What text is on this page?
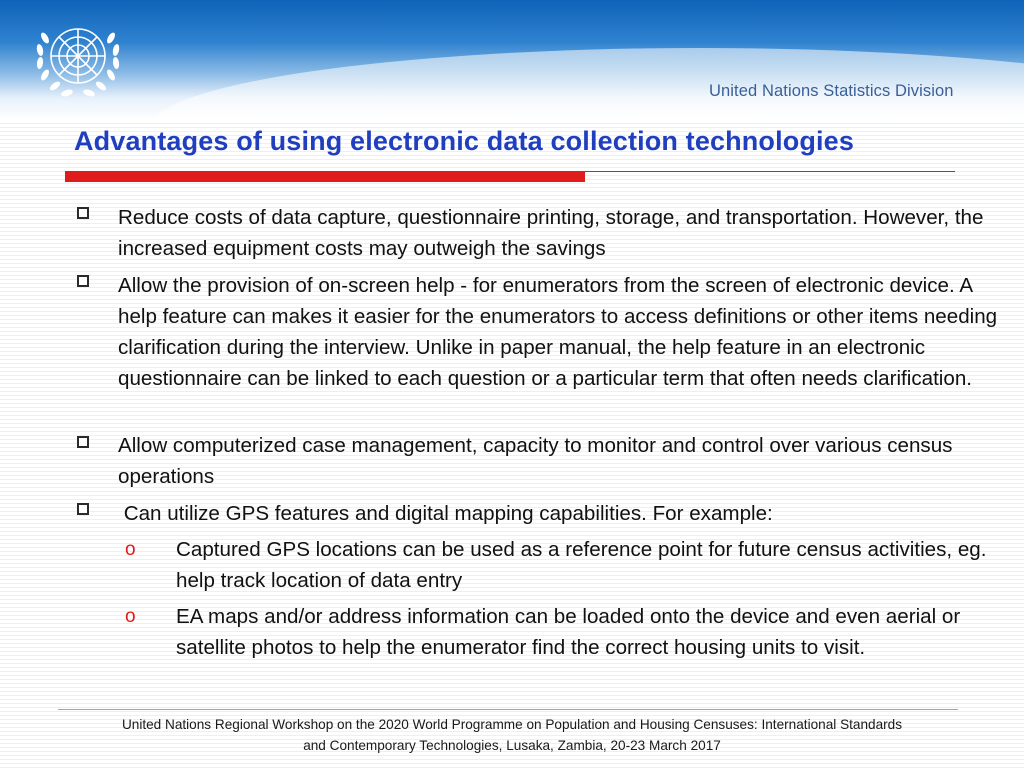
United Nations Statistics Division
Advantages of using electronic data collection technologies
Reduce costs of data capture, questionnaire printing, storage, and transportation. However, the increased equipment costs may outweigh the savings
Allow the provision of on-screen help - for enumerators from the screen of electronic device. A help feature can makes it easier for the enumerators to access definitions or other items needing clarification during the interview. Unlike in paper manual, the help feature in an electronic questionnaire can be linked to each question or a particular term that often needs clarification.
Allow computerized case management, capacity to monitor and control over various census operations
Can utilize GPS features and digital mapping capabilities. For example:
o Captured GPS locations can be used as a reference point for future census activities, eg. help track location of data entry
o EA maps and/or address information can be loaded onto the device and even aerial or satellite photos to help the enumerator find the correct housing units to visit.
United Nations Regional Workshop on the 2020 World Programme on Population and Housing Censuses: International Standards
and Contemporary Technologies, Lusaka, Zambia, 20-23 March 2017
